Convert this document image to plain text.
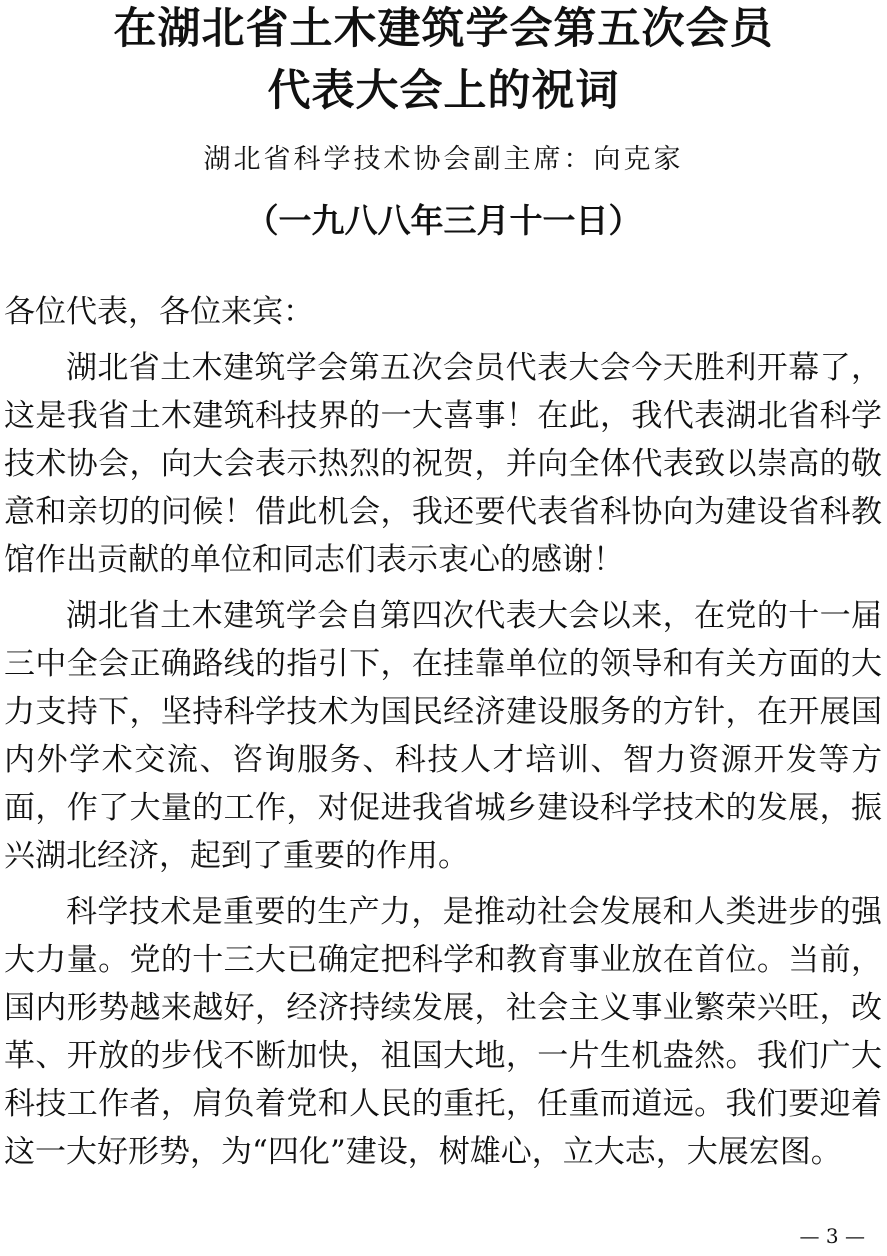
在湖北省土木建筑学会第五次会员
代表大会上的祝词
湖北省科学技术协会副主席：向克家
（一九八八年三月十一日）

各位代表，各位来宾：

湖北省土木建筑学会第五次会员代表大会今天胜利开幕了，这是我省土木建筑科技界的一大喜事！在此，我代表湖北省科学技术协会，向大会表示热烈的祝贺，并向全体代表致以崇高的敬意和亲切的问候！借此机会，我还要代表省科协向为建设省科教馆作出贡献的单位和同志们表示衷心的感谢！

湖北省土木建筑学会自第四次代表大会以来，在党的十一届三中全会正确路线的指引下，在挂靠单位的领导和有关方面的大力支持下，坚持科学技术为国民经济建设服务的方针，在开展国内外学术交流、咨询服务、科技人才培训、智力资源开发等方面，作了大量的工作，对促进我省城乡建设科学技术的发展，振兴湖北经济，起到了重要的作用。

科学技术是重要的生产力，是推动社会发展和人类进步的强大力量。党的十三大已确定把科学和教育事业放在首位。当前，国内形势越来越好，经济持续发展，社会主义事业繁荣兴旺，改革、开放的步伐不断加快，祖国大地，一片生机盎然。我们广大科技工作者，肩负着党和人民的重托，任重而道远。我们要迎着这一大好形势，为“四化”建设，树雄心，立大志，大展宏图。

— 3 —
